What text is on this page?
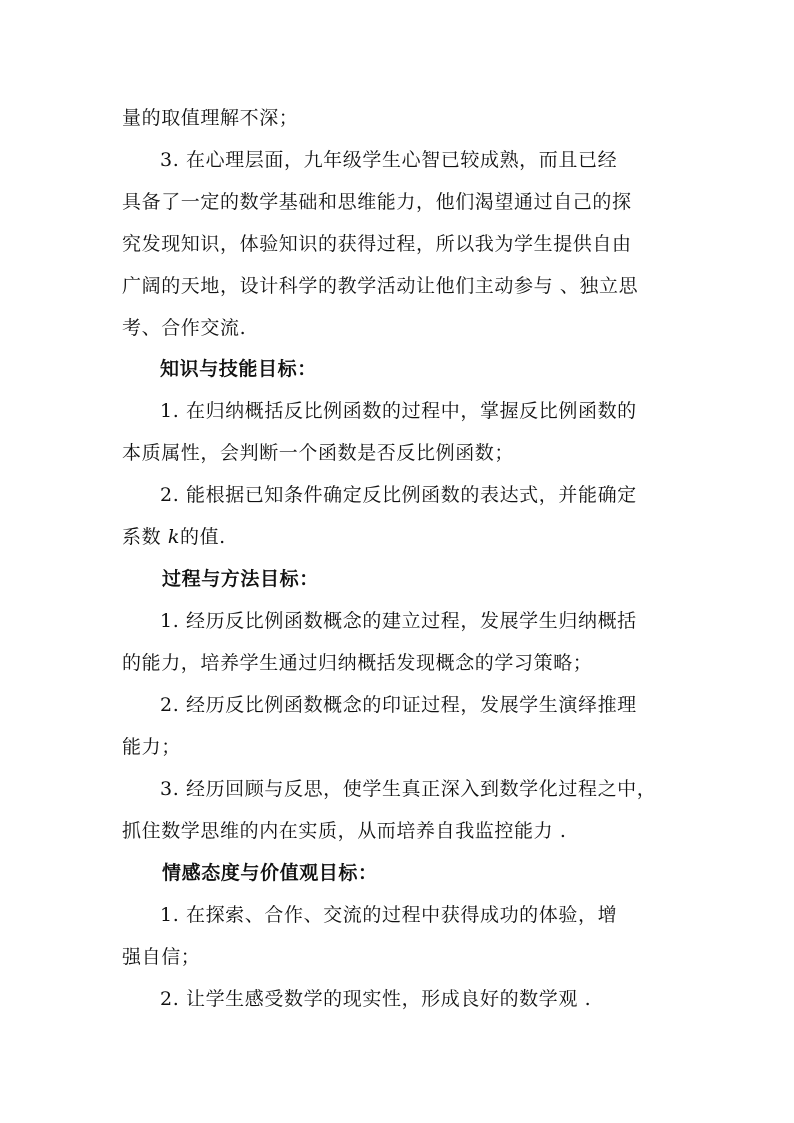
量的取值理解不深；
3. 在心理层面，九年级学生心智已较成熟，而且已经
具备了一定的数学基础和思维能力，他们渴望通过自己的探
究发现知识，体验知识的获得过程，所以我为学生提供自由
广阔的天地，设计科学的教学活动让他们主动参与 、独立思
考、合作交流.
知识与技能目标：
1. 在归纳概括反比例函数的过程中，掌握反比例函数的
本质属性，会判断一个函数是否反比例函数；
2. 能根据已知条件确定反比例函数的表达式，并能确定
系数 k的值.
过程与方法目标：
1. 经历反比例函数概念的建立过程，发展学生归纳概括
的能力，培养学生通过归纳概括发现概念的学习策略；
2. 经历反比例函数概念的印证过程，发展学生演绎推理
能力；
3. 经历回顾与反思，使学生真正深入到数学化过程之中，
抓住数学思维的内在实质，从而培养自我监控能力 .
情感态度与价值观目标：
1. 在探索、合作、交流的过程中获得成功的体验，增
强自信；
2. 让学生感受数学的现实性，形成良好的数学观 .
